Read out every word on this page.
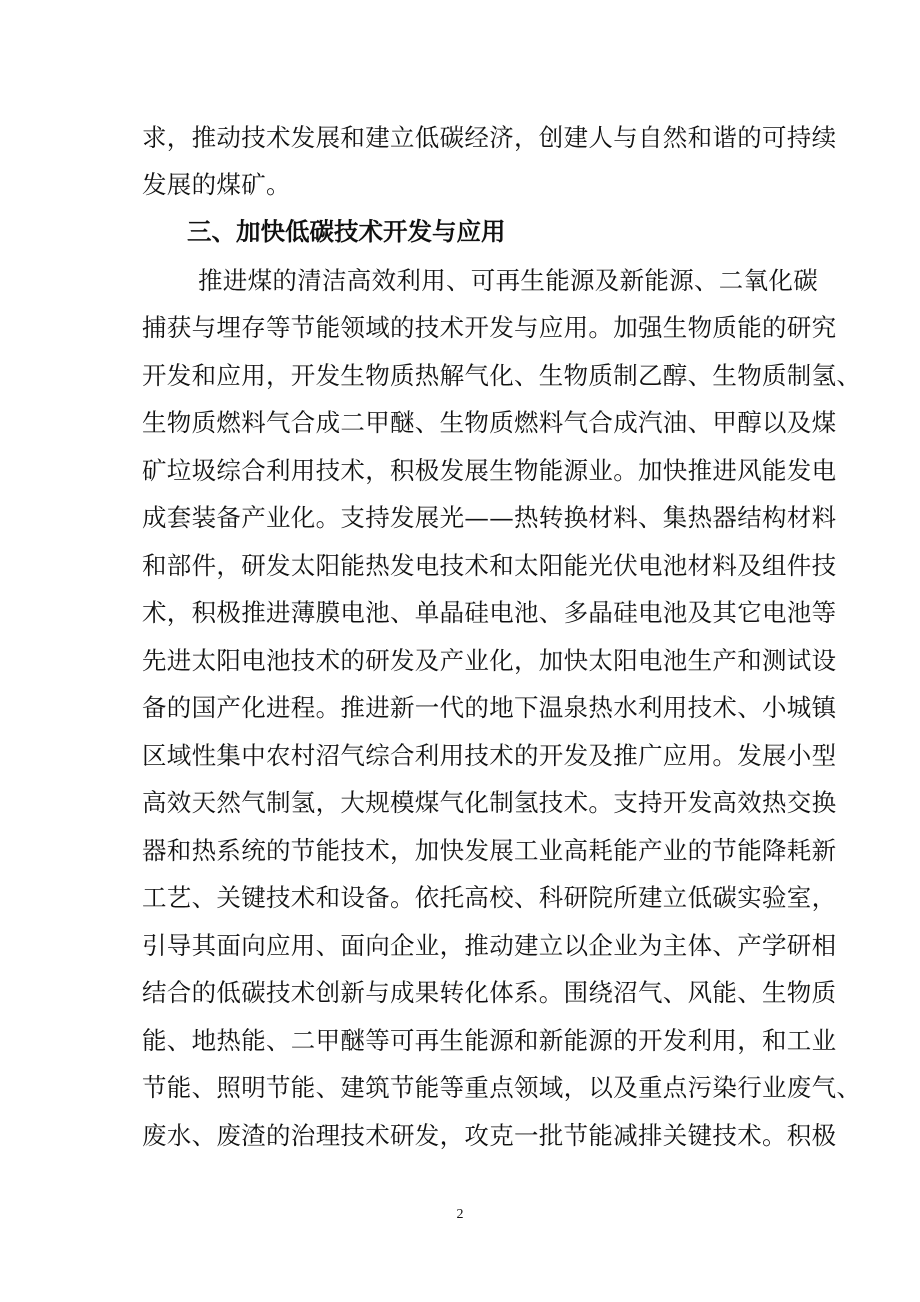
求，推动技术发展和建立低碳经济，创建人与自然和谐的可持续
发展的煤矿。
三、加快低碳技术开发与应用
推进煤的清洁高效利用、可再生能源及新能源、二氧化碳
捕获与埋存等节能领域的技术开发与应用。加强生物质能的研究
开发和应用，开发生物质热解气化、生物质制乙醇、生物质制氢、
生物质燃料气合成二甲醚、生物质燃料气合成汽油、甲醇以及煤
矿垃圾综合利用技术，积极发展生物能源业。加快推进风能发电
成套装备产业化。支持发展光——热转换材料、集热器结构材料
和部件，研发太阳能热发电技术和太阳能光伏电池材料及组件技
术，积极推进薄膜电池、单晶硅电池、多晶硅电池及其它电池等
先进太阳电池技术的研发及产业化，加快太阳电池生产和测试设
备的国产化进程。推进新一代的地下温泉热水利用技术、小城镇
区域性集中农村沼气综合利用技术的开发及推广应用。发展小型
高效天然气制氢，大规模煤气化制氢技术。支持开发高效热交换
器和热系统的节能技术，加快发展工业高耗能产业的节能降耗新
工艺、关键技术和设备。依托高校、科研院所建立低碳实验室，
引导其面向应用、面向企业，推动建立以企业为主体、产学研相
结合的低碳技术创新与成果转化体系。围绕沼气、风能、生物质
能、地热能、二甲醚等可再生能源和新能源的开发利用，和工业
节能、照明节能、建筑节能等重点领域，以及重点污染行业废气、
废水、废渣的治理技术研发，攻克一批节能减排关键技术。积极
2
